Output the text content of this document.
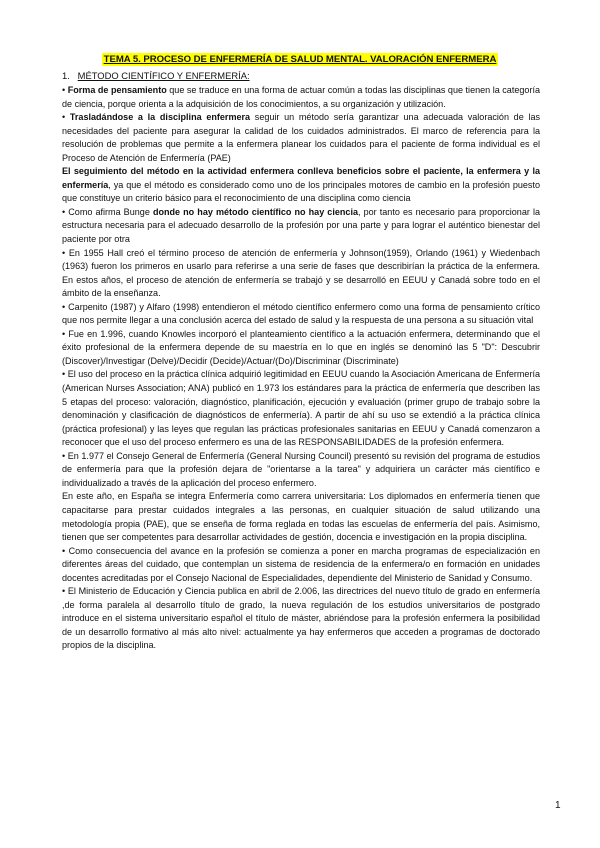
TEMA 5. PROCESO DE ENFERMERÍA DE SALUD MENTAL. VALORACIÓN ENFERMERA
1. MÉTODO CIENTÍFICO Y ENFERMERÍA:

• Forma de pensamiento que se traduce en una forma de actuar común a todas las disciplinas que tienen la categoría de ciencia, porque orienta a la adquisición de los conocimientos, a su organización y utilización.

• Trasladándose a la disciplina enfermera seguir un método sería garantizar una adecuada valoración de las necesidades del paciente para asegurar la calidad de los cuidados administrados. El marco de referencia para la resolución de problemas que permite a la enfermera planear los cuidados para el paciente de forma individual es el Proceso de Atención de Enfermería (PAE)

El seguimiento del método en la actividad enfermera conlleva beneficios sobre el paciente, la enfermera y la enfermería, ya que el método es considerado como uno de los principales motores de cambio en la profesión puesto que constituye un criterio básico para el reconocimiento de una disciplina como ciencia

• Como afirma Bunge donde no hay método científico no hay ciencia, por tanto es necesario para proporcionar la estructura necesaria para el adecuado desarrollo de la profesión por una parte y para lograr el auténtico bienestar del paciente por otra

• En 1955 Hall creó el término proceso de atención de enfermería y Johnson(1959), Orlando (1961) y Wiedenbach (1963) fueron los primeros en usarlo para referirse a una serie de fases que describirían la práctica de la enfermera. En estos años, el proceso de atención de enfermería se trabajó y se desarrolló en EEUU y Canadá sobre todo en el ámbito de la enseñanza.

• Carpenito (1987) y Alfaro (1998) entendieron el método científico enfermero como una forma de pensamiento crítico que nos permite llegar a una conclusión acerca del estado de salud y la respuesta de una persona a su situación vital

• Fue en 1.996, cuando Knowles incorporó el planteamiento científico a la actuación enfermera, determinando que el éxito profesional de la enfermera depende de su maestría en lo que en inglés se denominó las 5 "D": Descubrir (Discover)/Investigar (Delve)/Decidir (Decide)/Actuar/(Do)/Discriminar (Discriminate)

• El uso del proceso en la práctica clínica adquirió legitimidad en EEUU cuando la Asociación Americana de Enfermería (American Nurses Association; ANA) publicó en 1.973 los estándares para la práctica de enfermería que describen las 5 etapas del proceso: valoración, diagnóstico, planificación, ejecución y evaluación (primer grupo de trabajo sobre la denominación y clasificación de diagnósticos de enfermería). A partir de ahí su uso se extendió a la práctica clínica (práctica profesional) y las leyes que regulan las prácticas profesionales sanitarias en EEUU y Canadá comenzaron a reconocer que el uso del proceso enfermero es una de las RESPONSABILIDADES de la profesión enfermera.

• En 1.977 el Consejo General de Enfermería (General Nursing Council) presentó su revisión del programa de estudios de enfermería para que la profesión dejara de "orientarse a la tarea" y adquiriera un carácter más científico e individualizado a través de la aplicación del proceso enfermero.

En este año, en España se integra Enfermería como carrera universitaria: Los diplomados en enfermería tienen que capacitarse para prestar cuidados integrales a las personas, en cualquier situación de salud utilizando una metodología propia (PAE), que se enseña de forma reglada en todas las escuelas de enfermería del país. Asimismo, tienen que ser competentes para desarrollar actividades de gestión, docencia e investigación en la propia disciplina.

• Como consecuencia del avance en la profesión se comienza a poner en marcha programas de especialización en diferentes áreas del cuidado, que contemplan un sistema de residencia de la enfermera/o en formación en unidades docentes acreditadas por el Consejo Nacional de Especialidades, dependiente del Ministerio de Sanidad y Consumo.

• El Ministerio de Educación y Ciencia publica en abril de 2.006, las directrices del nuevo título de grado en enfermería ,de forma paralela al desarrollo título de grado, la nueva regulación de los estudios universitarios de postgrado introduce en el sistema universitario español el título de máster, abriéndose para la profesión enfermera la posibilidad de un desarrollo formativo al más alto nivel: actualmente ya hay enfermeros que acceden a programas de doctorado propios de la disciplina.

1
